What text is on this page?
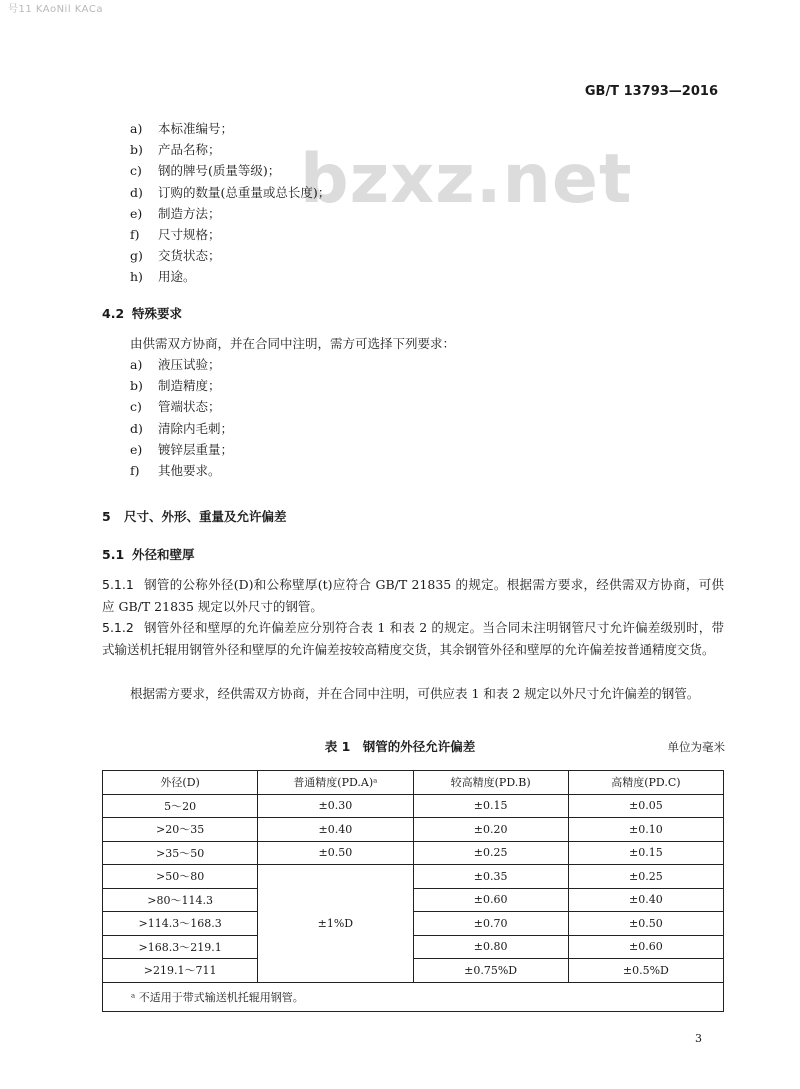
号11 KAoNil KACa
GB/T 13793—2016
bzxz.net
a)	本标准编号；
b)	产品名称；
c)	钢的牌号(质量等级)；
d)	订购的数量(总重量或总长度)；
e)	制造方法；
f)	尺寸规格；
g)	交货状态；
h)	用途。
4.2 特殊要求
由供需双方协商，并在合同中注明，需方可选择下列要求：
a)	液压试验；
b)	制造精度；
c)	管端状态；
d)	清除内毛刺；
e)	镀锌层重量；
f)	其他要求。
5 尺寸、外形、重量及允许偏差
5.1 外径和壁厚
5.1.1 钢管的公称外径(D)和公称壁厚(t)应符合 GB/T 21835 的规定。根据需方要求，经供需双方协商，可供应 GB/T 21835 规定以外尺寸的钢管。
5.1.2 钢管外径和壁厚的允许偏差应分别符合表 1 和表 2 的规定。当合同未注明钢管尺寸允许偏差级别时，带式输送机托辊用钢管外径和壁厚的允许偏差按较高精度交货，其余钢管外径和壁厚的允许偏差按普通精度交货。
根据需方要求，经供需双方协商，并在合同中注明，可供应表 1 和表 2 规定以外尺寸允许偏差的钢管。
表 1　钢管的外径允许偏差	单位为毫米
外径(D)	普通精度(PD.A)ᵃ	较高精度(PD.B)	高精度(PD.C)
5～20	±0.30	±0.15	±0.05
>20～35	±0.40	±0.20	±0.10
>35～50	±0.50	±0.25	±0.15
>50～80	±1%D	±0.35	±0.25
>80～114.3		±0.60	±0.40
>114.3～168.3		±0.70	±0.50
>168.3～219.1		±0.80	±0.60
>219.1～711		±0.75%D	±0.5%D
ᵃ 不适用于带式输送机托辊用钢管。			
3
